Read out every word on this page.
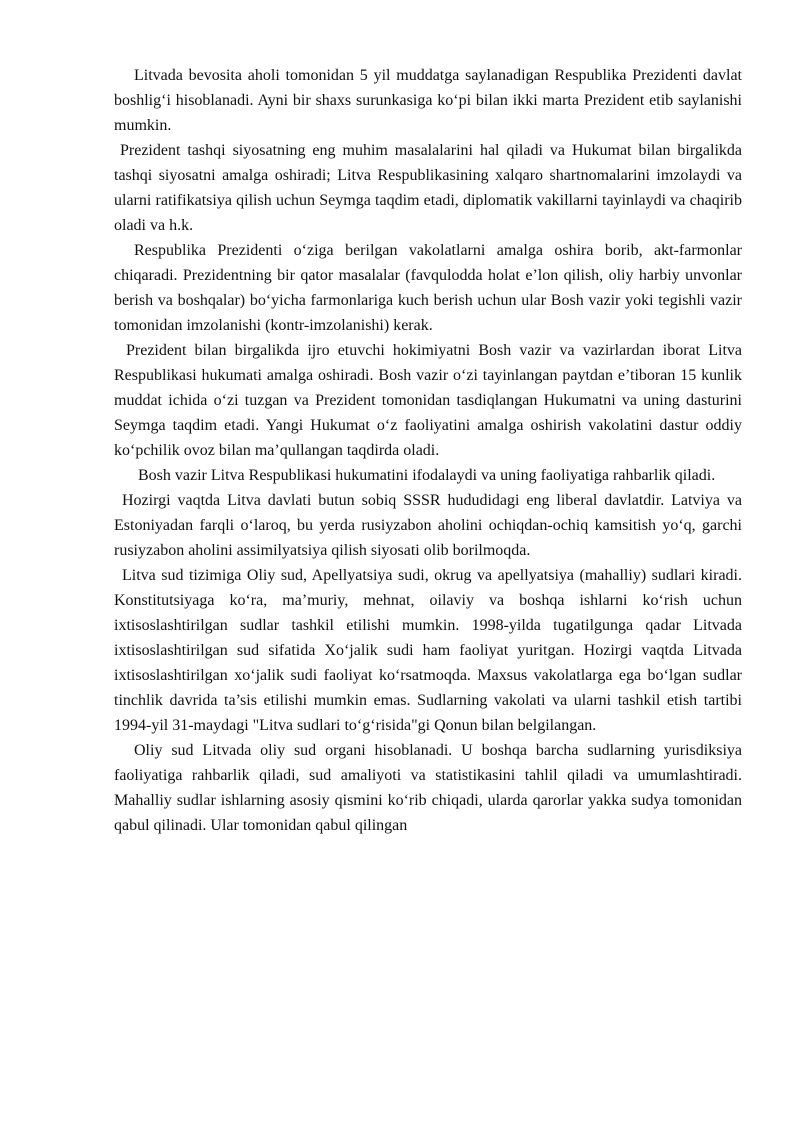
Litvada bevosita aholi tomonidan 5 yil muddatga saylanadigan Respublika Prezidenti davlat boshlig‘i hisoblanadi. Ayni bir shaxs surunkasiga ko‘pi bilan ikki marta Prezident etib saylanishi mumkin.

Prezident tashqi siyosatning eng muhim masalalarini hal qiladi va Hukumat bilan birgalikda tashqi siyosatni amalga oshiradi; Litva Respublikasining xalqaro shartnomalarini imzolaydi va ularni ratifikatsiya qilish uchun Seymga taqdim etadi, diplomatik vakillarni tayinlaydi va chaqirib oladi va h.k.

Respublika Prezidenti o‘ziga berilgan vakolatlarni amalga oshira borib, akt-farmonlar chiqaradi. Prezidentning bir qator masalalar (favqulodda holat e’lon qilish, oliy harbiy unvonlar berish va boshqalar) bo‘yicha farmonlariga kuch berish uchun ular Bosh vazir yoki tegishli vazir tomonidan imzolanishi (kontr-imzolanishi) kerak.

Prezident bilan birgalikda ijro etuvchi hokimiyatni Bosh vazir va vazirlardan iborat Litva Respublikasi hukumati amalga oshiradi. Bosh vazir o‘zi tayinlangan paytdan e’tiboran 15 kunlik muddat ichida o‘zi tuzgan va Prezident tomonidan tasdiqlangan Hukumatni va uning dasturini Seymga taqdim etadi. Yangi Hukumat o‘z faoliyatini amalga oshirish vakolatini dastur oddiy ko‘pchilik ovoz bilan ma’qullangan taqdirda oladi.

Bosh vazir Litva Respublikasi hukumatini ifodalaydi va uning faoliyatiga rahbarlik qiladi.

Hozirgi vaqtda Litva davlati butun sobiq SSSR hududidagi eng liberal davlatdir. Latviya va Estoniyadan farqli o‘laroq, bu yerda rusiyzabon aholini ochiqdan-ochiq kamsitish yo‘q, garchi rusiyzabon aholini assimilyatsiya qilish siyosati olib borilmoqda.

Litva sud tizimiga Oliy sud, Apellyatsiya sudi, okrug va apellyatsiya (mahalliy) sudlari kiradi. Konstitutsiyaga ko‘ra, ma’muriy, mehnat, oilaviy va boshqa ishlarni ko‘rish uchun ixtisoslashtirilgan sudlar tashkil etilishi mumkin. 1998-yilda tugatilgunga qadar Litvada ixtisoslashtirilgan sud sifatida Xo‘jalik sudi ham faoliyat yuritgan. Hozirgi vaqtda Litvada ixtisoslashtirilgan xo‘jalik sudi faoliyat ko‘rsatmoqda. Maxsus vakolatlarga ega bo‘lgan sudlar tinchlik davrida ta’sis etilishi mumkin emas. Sudlarning vakolati va ularni tashkil etish tartibi 1994-yil 31-maydagi "Litva sudlari to‘g‘risida"gi Qonun bilan belgilangan.

Oliy sud Litvada oliy sud organi hisoblanadi. U boshqa barcha sudlarning yurisdiksiya faoliyatiga rahbarlik qiladi, sud amaliyoti va statistikasini tahlil qiladi va umumlashtiradi. Mahalliy sudlar ishlarning asosiy qismini ko‘rib chiqadi, ularda qarorlar yakka sudya tomonidan qabul qilinadi. Ular tomonidan qabul qilingan
